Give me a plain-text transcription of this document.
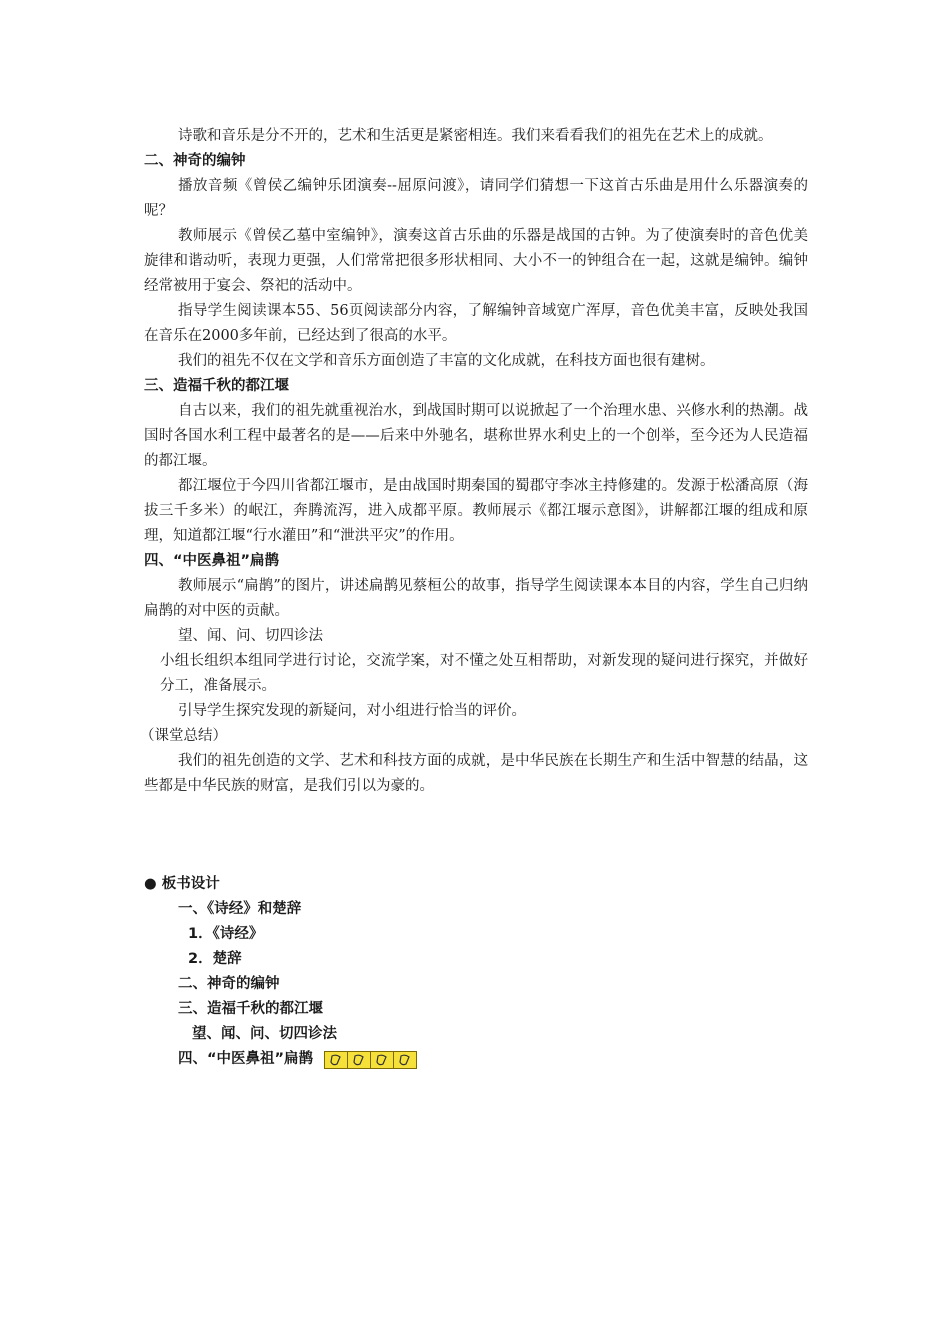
诗歌和音乐是分不开的，艺术和生活更是紧密相连。我们来看看我们的祖先在艺术上的成就。

二、神奇的编钟

播放音频《曾侯乙编钟乐团演奏--屈原问渡》，请同学们猜想一下这首古乐曲是用什么乐器演奏的呢？

教师展示《曾侯乙墓中室编钟》，演奏这首古乐曲的乐器是战国的古钟。为了使演奏时的音色优美旋律和谐动听，表现力更强，人们常常把很多形状相同、大小不一的钟组合在一起，这就是编钟。编钟经常被用于宴会、祭祀的活动中。

指导学生阅读课本55、56页阅读部分内容，了解编钟音域宽广浑厚，音色优美丰富，反映处我国在音乐在2000多年前，已经达到了很高的水平。

我们的祖先不仅在文学和音乐方面创造了丰富的文化成就，在科技方面也很有建树。

三、造福千秋的都江堰

自古以来，我们的祖先就重视治水，到战国时期可以说掀起了一个治理水患、兴修水利的热潮。战国时各国水利工程中最著名的是——后来中外驰名，堪称世界水利史上的一个创举，至今还为人民造福的都江堰。

都江堰位于今四川省都江堰市，是由战国时期秦国的蜀郡守李冰主持修建的。发源于松潘高原（海拔三千多米）的岷江，奔腾流泻，进入成都平原。教师展示《都江堰示意图》，讲解都江堰的组成和原理，知道都江堰“行水灌田”和“泄洪平灾”的作用。

四、“中医鼻祖”扁鹊

教师展示“扁鹊”的图片，讲述扁鹊见蔡桓公的故事，指导学生阅读课本本目的内容，学生自己归纳扁鹊的对中医的贡献。

望、闻、问、切四诊法

小组长组织本组同学进行讨论，交流学案，对不懂之处互相帮助，对新发现的疑问进行探究，并做好分工，准备展示。

引导学生探究发现的新疑问，对小组进行恰当的评价。

（课堂总结）

我们的祖先创造的文学、艺术和科技方面的成就，是中华民族在长期生产和生活中智慧的结晶，这些都是中华民族的财富，是我们引以为豪的。

● 板书设计
一、《诗经》和楚辞
1．《诗经》
2．楚辞
二、神奇的编钟
三、造福千秋的都江堰
望、闻、问、切四诊法
四、“中医鼻祖”扁鹊
